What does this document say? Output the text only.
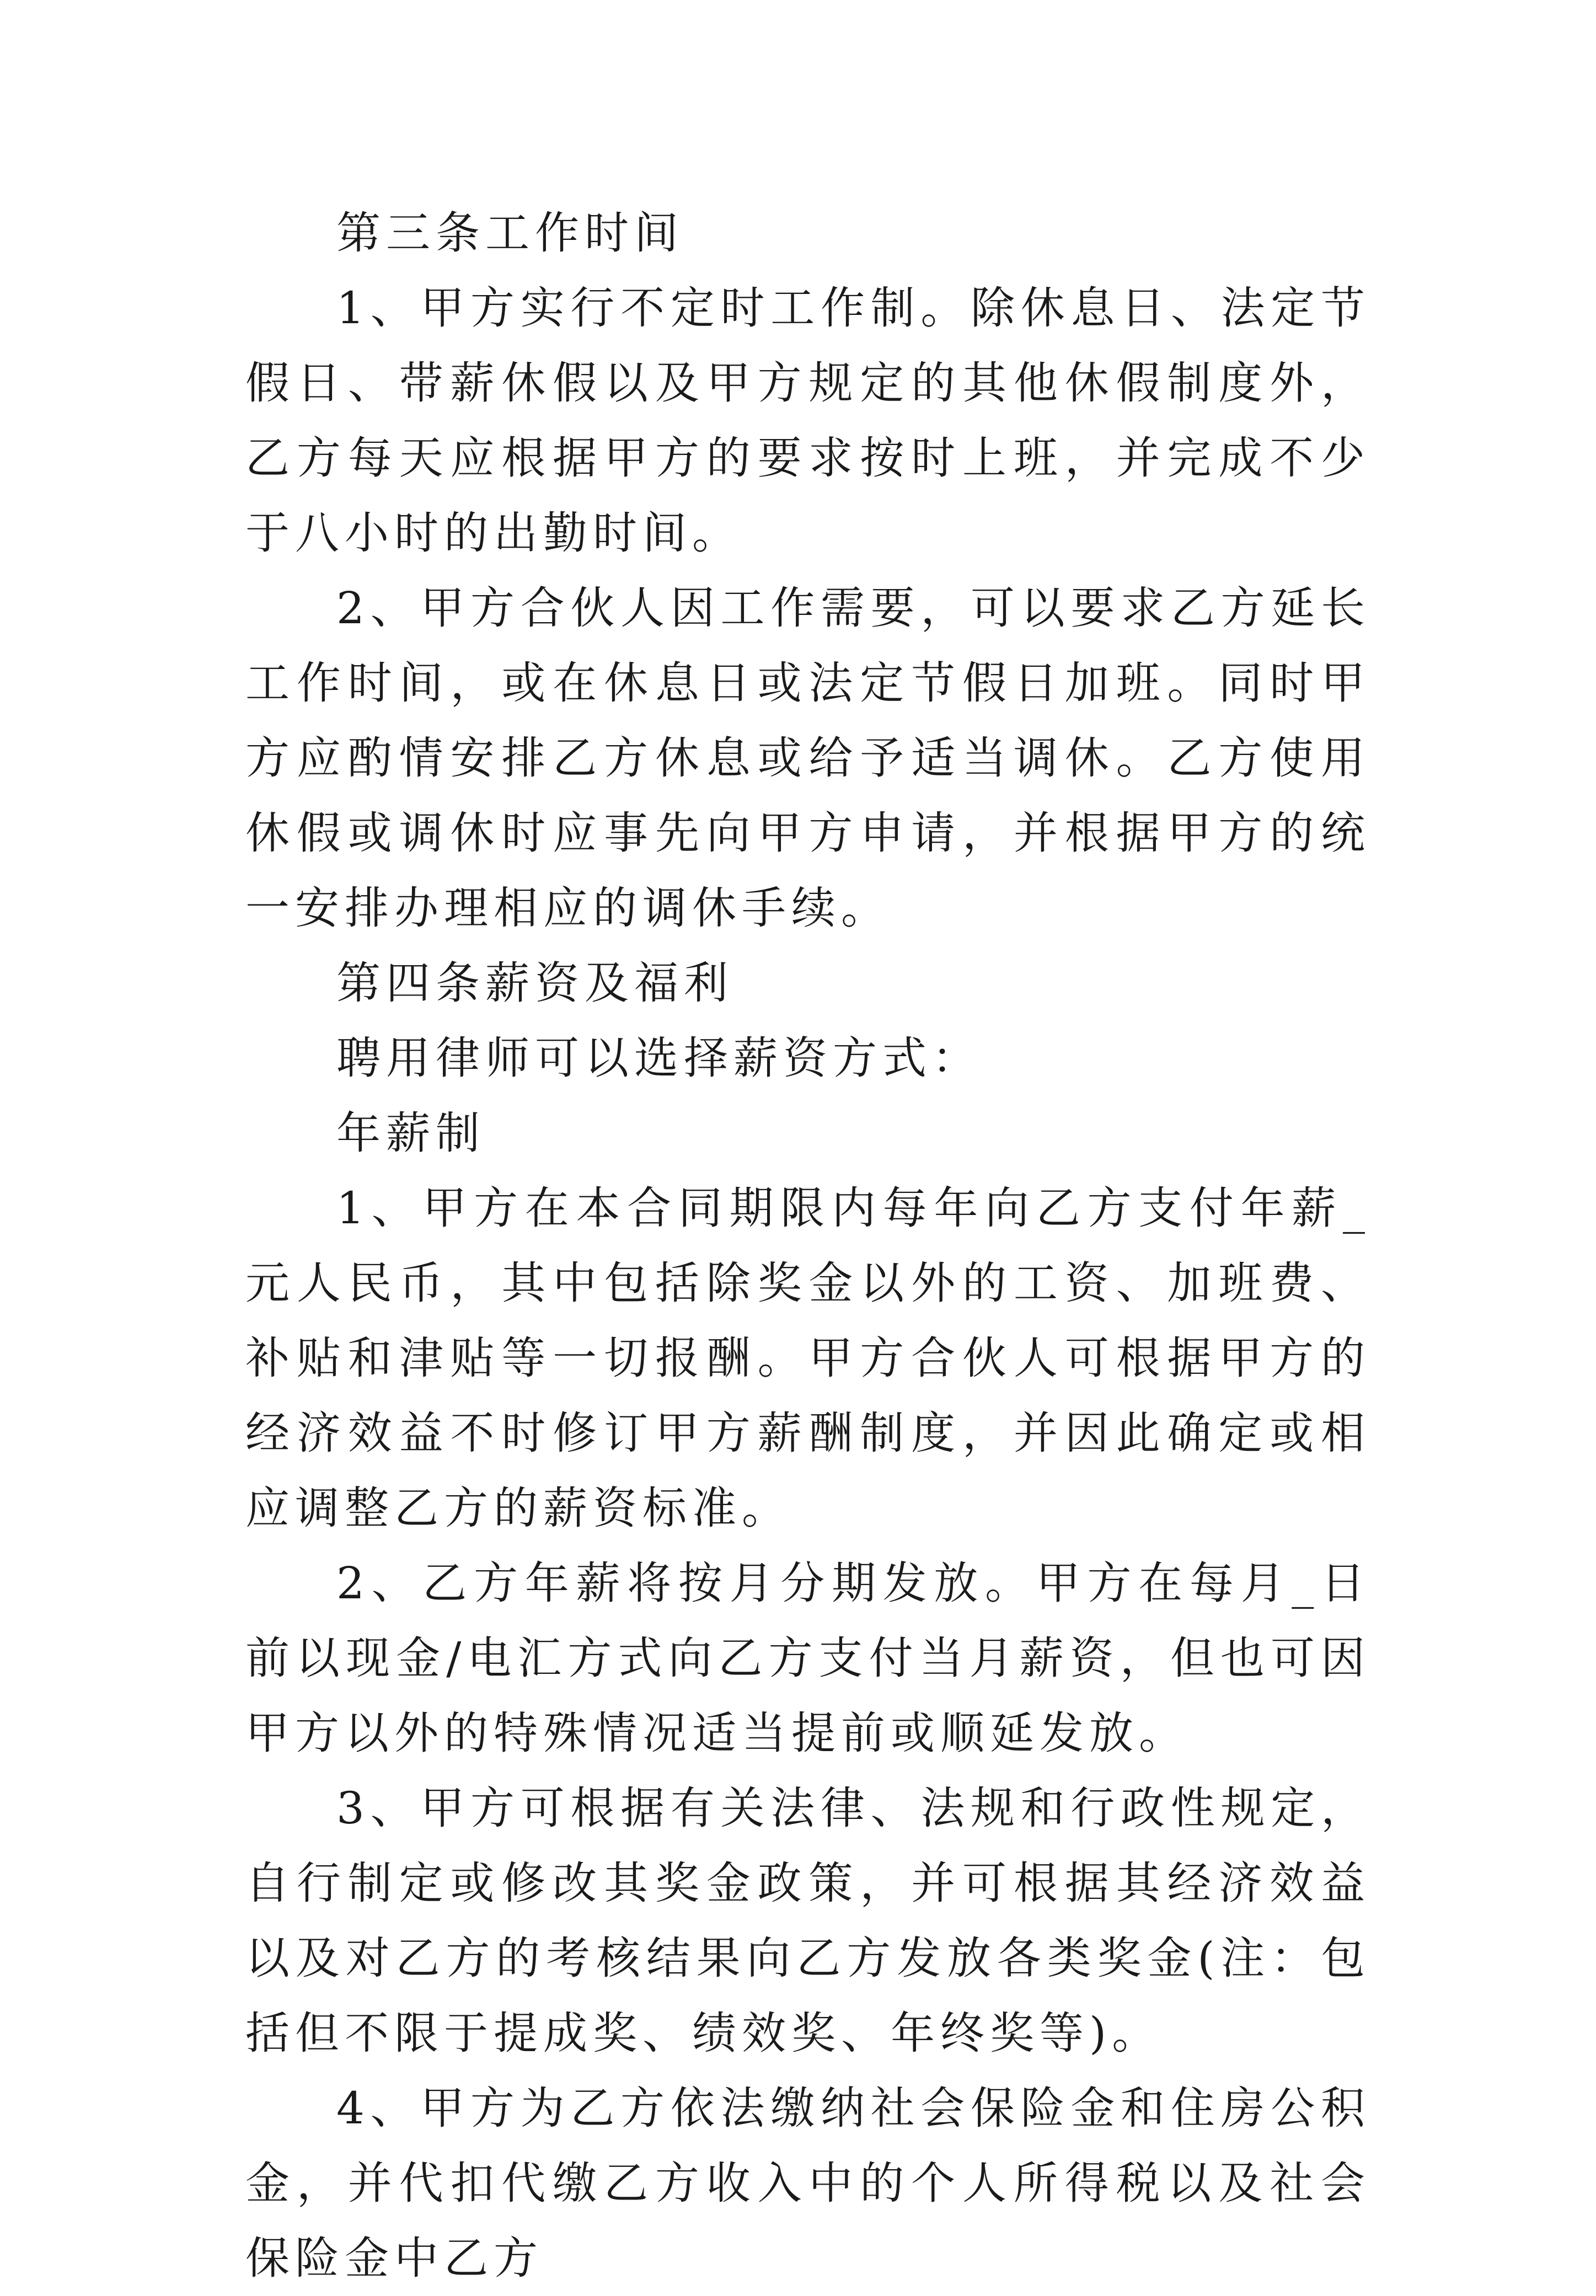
第三条工作时间

1、甲方实行不定时工作制。除休息日、法定节假日、带薪休假以及甲方规定的其他休假制度外，乙方每天应根据甲方的要求按时上班，并完成不少于八小时的出勤时间。

2、甲方合伙人因工作需要，可以要求乙方延长工作时间，或在休息日或法定节假日加班。同时甲方应酌情安排乙方休息或给予适当调休。乙方使用休假或调休时应事先向甲方申请，并根据甲方的统一安排办理相应的调休手续。

第四条薪资及福利

聘用律师可以选择薪资方式：

年薪制

1、甲方在本合同期限内每年向乙方支付年薪_元人民币，其中包括除奖金以外的工资、加班费、补贴和津贴等一切报酬。甲方合伙人可根据甲方的经济效益不时修订甲方薪酬制度，并因此确定或相应调整乙方的薪资标准。

2、乙方年薪将按月分期发放。甲方在每月_日前以现金/电汇方式向乙方支付当月薪资，但也可因甲方以外的特殊情况适当提前或顺延发放。

3、甲方可根据有关法律、法规和行政性规定，自行制定或修改其奖金政策，并可根据其经济效益以及对乙方的考核结果向乙方发放各类奖金(注：包括但不限于提成奖、绩效奖、年终奖等)。

4、甲方为乙方依法缴纳社会保险金和住房公积金，并代扣代缴乙方收入中的个人所得税以及社会保险金中乙方
